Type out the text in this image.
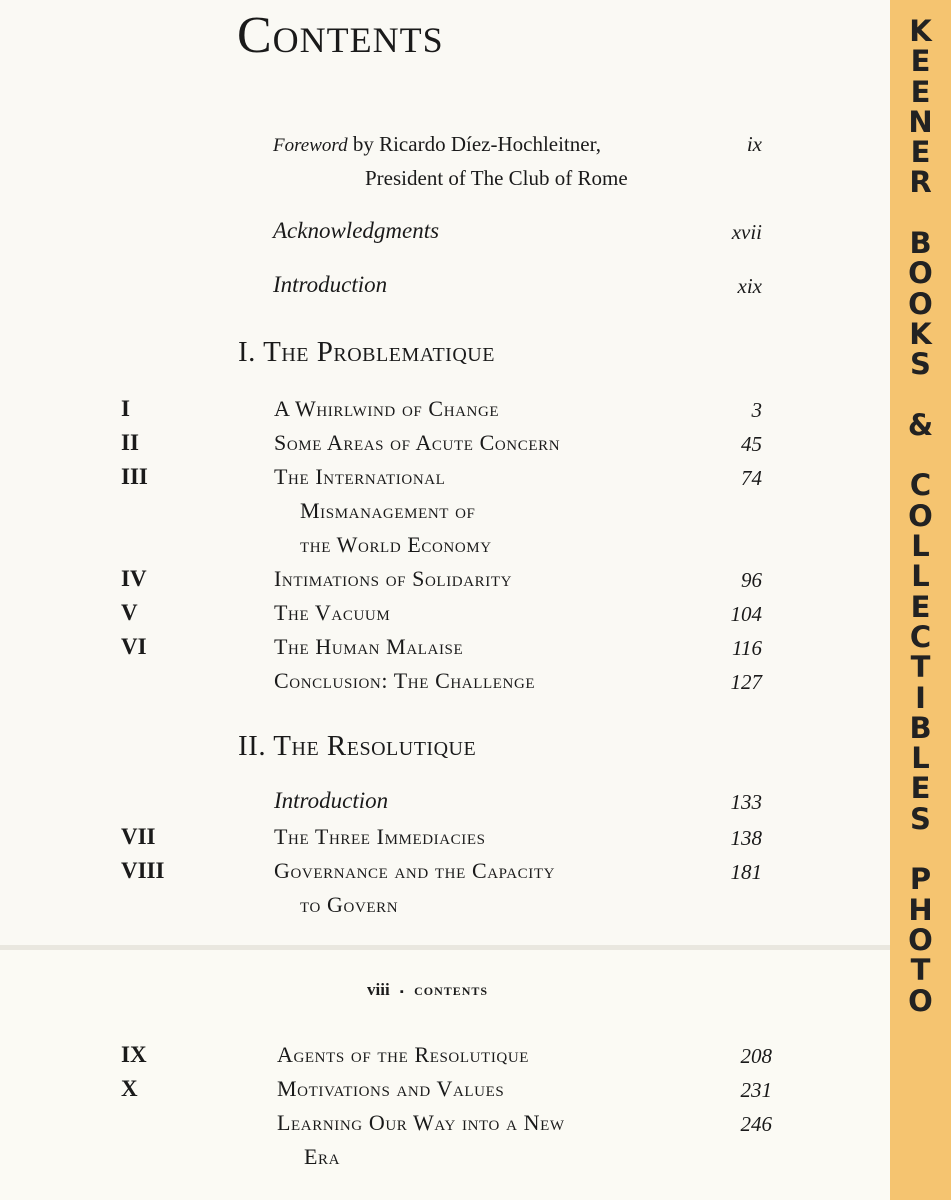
Contents
Foreword by Ricardo Díez-Hochleitner,
President of The Club of Rome
ix
Acknowledgments	xvii
Introduction	xix
I. The Problematique
I	A Whirlwind of Change	3
II	Some Areas of Acute Concern	45
III	The International
Mismanagement of
the World Economy
74
IV	Intimations of Solidarity	96
V	The Vacuum	104
VI	The Human Malaise	116
Conclusion: The Challenge	127
II. The Resolutique
Introduction	133
VII	The Three Immediacies	138
VIII	Governance and the Capacity
to Govern
181
viii ▪ contents
IX	Agents of the Resolutique	208
X	Motivations and Values	231
Learning Our Way into a New
Era
246
K
E
E
N
E
R

B
O
O
K
S

&

C
O
L
L
E
C
T
I
B
L
E
S

P
H
O
T
O
